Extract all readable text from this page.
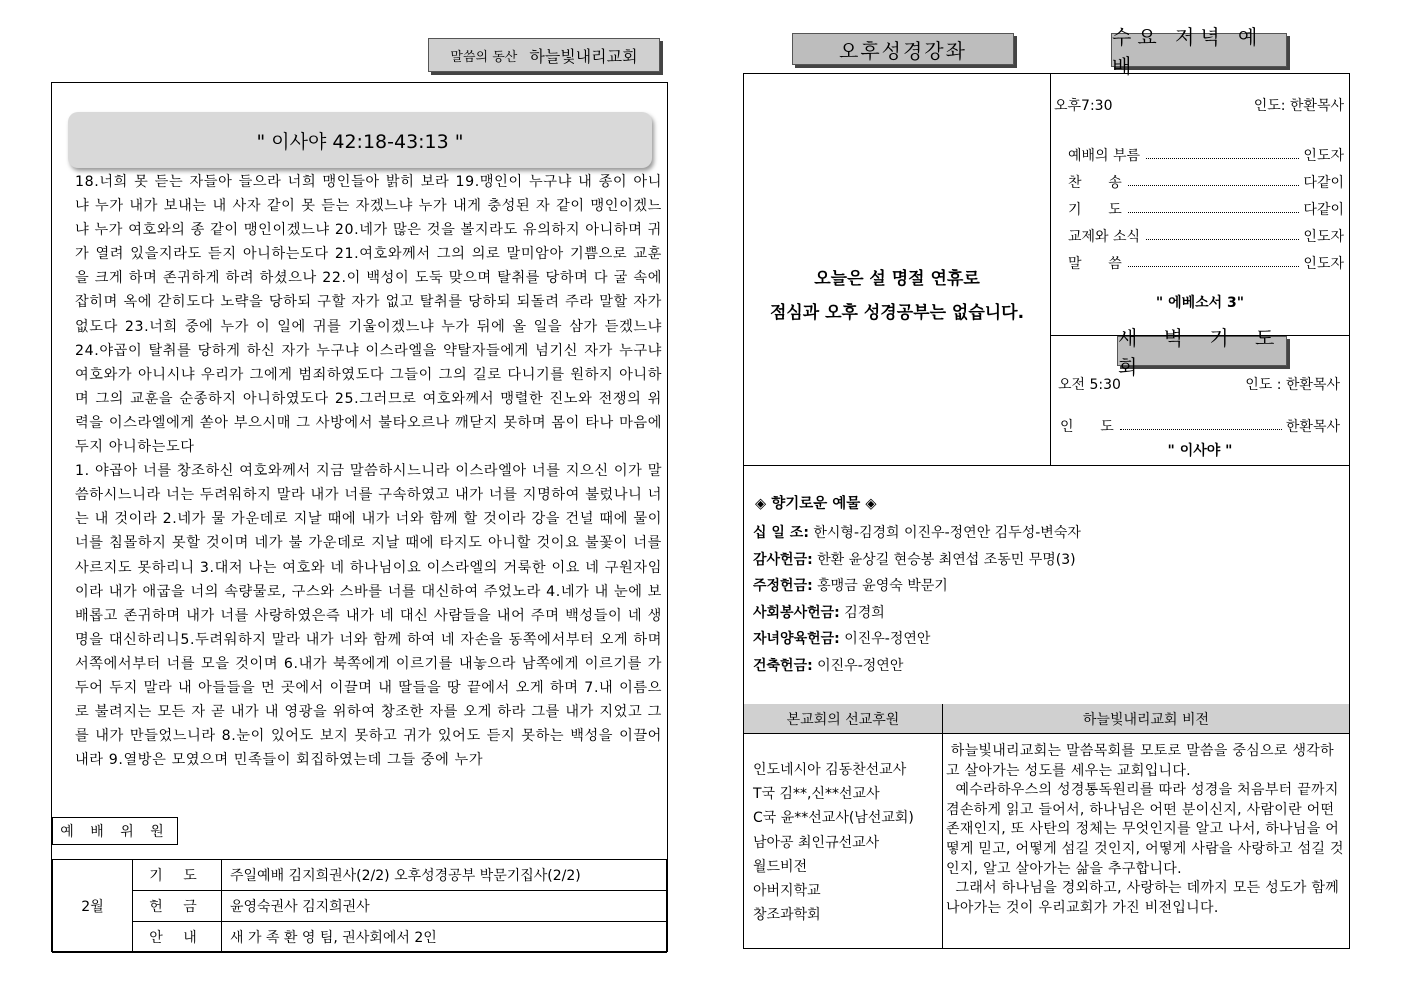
말씀의 동산 하늘빛내리교회
" 이사야 42:18-43:13 "

18.너희 못 듣는 자들아 들으라 너희 맹인들아 밝히 보라 19.맹인이 누구냐 내 종이 아니냐 누가 내가 보내는 내 사자 같이 못 듣는 자겠느냐 누가 내게 충성된 자 같이 맹인이겠느냐 누가 여호와의 종 같이 맹인이겠느냐 20.네가 많은 것을 볼지라도 유의하지 아니하며 귀가 열려 있을지라도 듣지 아니하는도다 21.여호와께서 그의 의로 말미암아 기쁨으로 교훈을 크게 하며 존귀하게 하려 하셨으나 22.이 백성이 도둑 맞으며 탈취를 당하며 다 굴 속에 잡히며 옥에 갇히도다 노략을 당하되 구할 자가 없고 탈취를 당하되 되돌려 주라 말할 자가 없도다 23.너희 중에 누가 이 일에 귀를 기울이겠느냐 누가 뒤에 올 일을 삼가 듣겠느냐 24.야곱이 탈취를 당하게 하신 자가 누구냐 이스라엘을 약탈자들에게 넘기신 자가 누구냐 여호와가 아니시냐 우리가 그에게 범죄하였도다 그들이 그의 길로 다니기를 원하지 아니하며 그의 교훈을 순종하지 아니하였도다 25.그러므로 여호와께서 맹렬한 진노와 전쟁의 위력을 이스라엘에게 쏟아 부으시매 그 사방에서 불타오르나 깨닫지 못하며 몸이 타나 마음에 두지 아니하는도다

1. 야곱아 너를 창조하신 여호와께서 지금 말씀하시느니라 이스라엘아 너를 지으신 이가 말씀하시느니라 너는 두려워하지 말라 내가 너를 구속하였고 내가 너를 지명하여 불렀나니 너는 내 것이라 2.네가 물 가운데로 지날 때에 내가 너와 함께 할 것이라 강을 건널 때에 물이 너를 침몰하지 못할 것이며 네가 불 가운데로 지날 때에 타지도 아니할 것이요 불꽃이 너를 사르지도 못하리니 3.대저 나는 여호와 네 하나님이요 이스라엘의 거룩한 이요 네 구원자임이라 내가 애굽을 너의 속량물로, 구스와 스바를 너를 대신하여 주었노라 4.네가 내 눈에 보배롭고 존귀하며 내가 너를 사랑하였은즉 내가 네 대신 사람들을 내어 주며 백성들이 네 생명을 대신하리니5.두려워하지 말라 내가 너와 함께 하여 네 자손을 동쪽에서부터 오게 하며 서쪽에서부터 너를 모을 것이며 6.내가 북쪽에게 이르기를 내놓으라 남쪽에게 이르기를 가두어 두지 말라 내 아들들을 먼 곳에서 이끌며 내 딸들을 땅 끝에서 오게 하며 7.내 이름으로 불려지는 모든 자 곧 내가 내 영광을 위하여 창조한 자를 오게 하라 그를 내가 지었고 그를 내가 만들었느니라 8.눈이 있어도 보지 못하고 귀가 있어도 듣지 못하는 백성을 이끌어 내라 9.열방은 모였으며 민족들이 회집하였는데 그들 중에 누가

예 배 위 원
2월	기 도	주일예배 김지희권사(2/2) 오후성경공부 박문기집사(2/2)
	헌 금	윤영숙권사 김지희권사
	안 내	새 가 족 환 영 팀, 권사회에서 2인
오후성경강좌
수요 저녁 예배
오늘은 설 명절 연휴로
점심과 오후 성경공부는 없습니다.
오후7:30	인도: 한환목사
예배의 부름	인도자
찬      송	다같이
기      도	다같이
교제와 소식	인도자
말      씀	인도자
" 에베소서 3"
새 벽 기 도 회
오전 5:30	인도 : 한환목사
인      도	한환목사
" 이사야 "
◈ 향기로운 예물 ◈
십 일 조: 한시형-김경희 이진우-정연안 김두성-변숙자
감사헌금: 한환 윤상길 현승봉 최연섭 조동민 무명(3)
주정헌금: 홍맹금 윤영숙 박문기
사회봉사헌금: 김경희
자녀양육헌금: 이진우-정연안
건축헌금: 이진우-정연안
본교회의 선교후원	하늘빛내리교회 비전
인도네시아 김동찬선교사
T국 김**,신**선교사
C국 윤**선교사(남선교회)
남아공 최인규선교사
월드비전
아버지학교
창조과학회

하늘빛내리교회는 말씀목회를 모토로 말씀을 중심으로 생각하고 살아가는 성도를 세우는 교회입니다.

예수라하우스의 성경통독원리를 따라 성경을 처음부터 끝까지 겸손하게 읽고 들어서, 하나님은 어떤 분이신지, 사람이란 어떤 존재인지, 또 사탄의 정체는 무엇인지를 알고 나서, 하나님을 어떻게 믿고, 어떻게 섬길 것인지, 어떻게 사람을 사랑하고 섬길 것인지, 알고 살아가는 삶을 추구합니다.

그래서 하나님을 경외하고, 사랑하는 데까지 모든 성도가 함께 나아가는 것이 우리교회가 가진 비전입니다.
